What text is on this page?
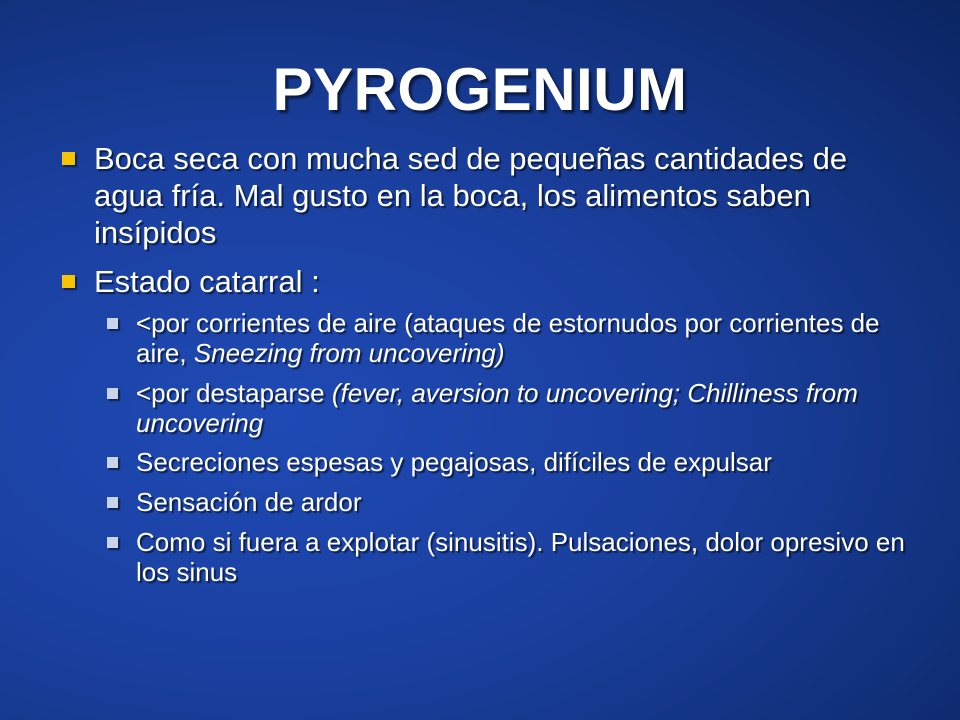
PYROGENIUM
Boca seca con mucha sed de pequeñas cantidades de agua fría. Mal gusto en la boca, los alimentos saben insípidos
Estado catarral :
<por corrientes de aire (ataques de estornudos por corrientes de aire, Sneezing from uncovering)
<por destaparse (fever, aversion to uncovering; Chilliness from uncovering
Secreciones espesas y pegajosas, difíciles de expulsar
Sensación de ardor
Como si fuera a explotar (sinusitis). Pulsaciones, dolor opresivo en los sinus
